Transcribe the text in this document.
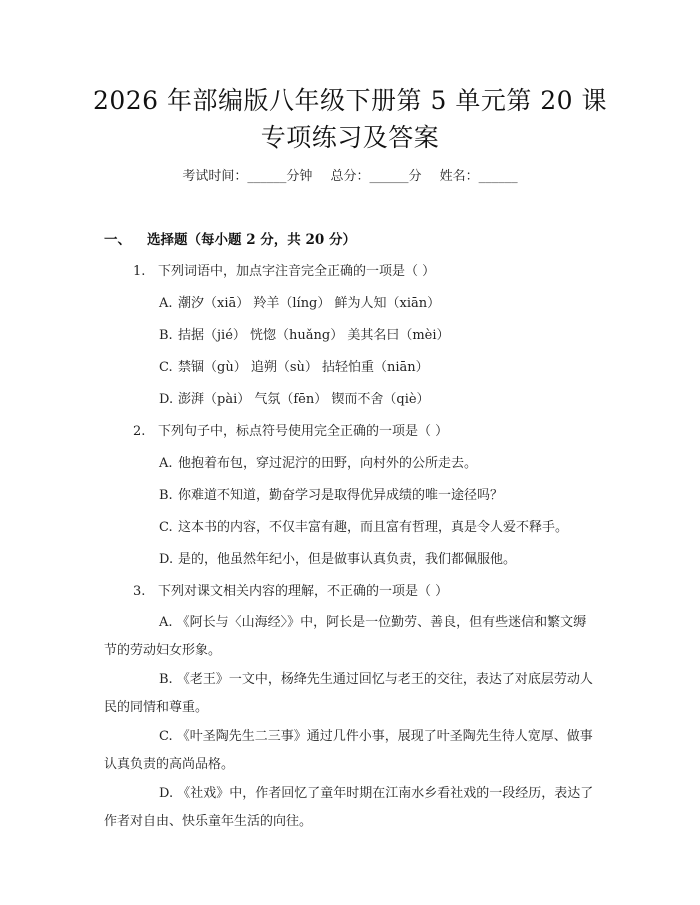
2026 年部编版八年级下册第 5 单元第 20 课
专项练习及答案
考试时间：______分钟 总分：______分 姓名：______
一、 选择题（每小题 2 分，共 20 分）
1. 下列词语中，加点字注音完全正确的一项是（ ）
A. 潮汐（xiā） 羚羊（líng） 鲜为人知（xiān）
B. 拮据（jié） 恍惚（huǎng） 美其名曰（mèi）
C. 禁锢（gù） 追朔（sù） 拈轻怕重（niān）
D. 澎湃（pài） 气氛（fēn） 锲而不舍（qiè）
2. 下列句子中，标点符号使用完全正确的一项是（ ）
A. 他抱着布包，穿过泥泞的田野，向村外的公所走去。
B. 你难道不知道，勤奋学习是取得优异成绩的唯一途径吗？
C. 这本书的内容，不仅丰富有趣，而且富有哲理，真是令人爱不释手。
D. 是的，他虽然年纪小，但是做事认真负责，我们都佩服他。
3. 下列对课文相关内容的理解，不正确的一项是（ ）

A. 《阿长与〈山海经〉》中，阿长是一位勤劳、善良，但有些迷信和繁文缛节的劳动妇女形象。

B. 《老王》一文中，杨绛先生通过回忆与老王的交往，表达了对底层劳动人民的同情和尊重。

C. 《叶圣陶先生二三事》通过几件小事，展现了叶圣陶先生待人宽厚、做事认真负责的高尚品格。

D. 《社戏》中，作者回忆了童年时期在江南水乡看社戏的一段经历，表达了作者对自由、快乐童年生活的向往。
